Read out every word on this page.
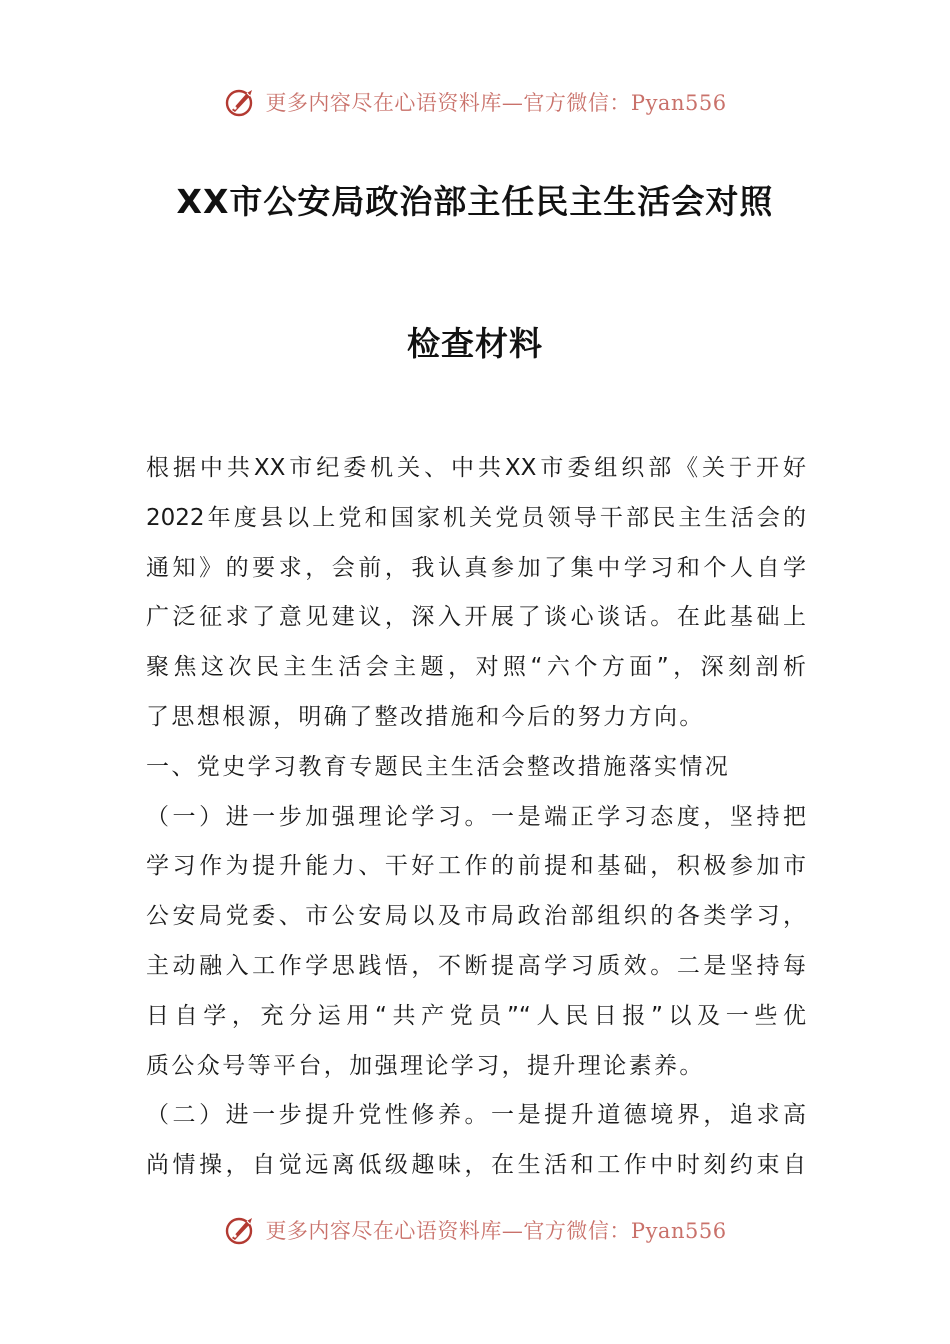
更多内容尽在心语资料库—官方微信：Pyan556
XX市公安局政治部主任民主生活会对照
检查材料
根据中共XX市纪委机关、中共XX市委组织部《关于开好
2022年度县以上党和国家机关党员领导干部民主生活会的
通知》的要求，会前，我认真参加了集中学习和个人自学
广泛征求了意见建议，深入开展了谈心谈话。在此基础上
聚焦这次民主生活会主题，对照“六个方面”，深刻剖析
了思想根源，明确了整改措施和今后的努力方向。
一、党史学习教育专题民主生活会整改措施落实情况
（一）进一步加强理论学习。一是端正学习态度，坚持把
学习作为提升能力、干好工作的前提和基础，积极参加市
公安局党委、市公安局以及市局政治部组织的各类学习，
主动融入工作学思践悟，不断提高学习质效。二是坚持每
日自学，充分运用“共产党员”“人民日报”以及一些优
质公众号等平台，加强理论学习，提升理论素养。
（二）进一步提升党性修养。一是提升道德境界，追求高
尚情操，自觉远离低级趣味，在生活和工作中时刻约束自
更多内容尽在心语资料库—官方微信：Pyan556
